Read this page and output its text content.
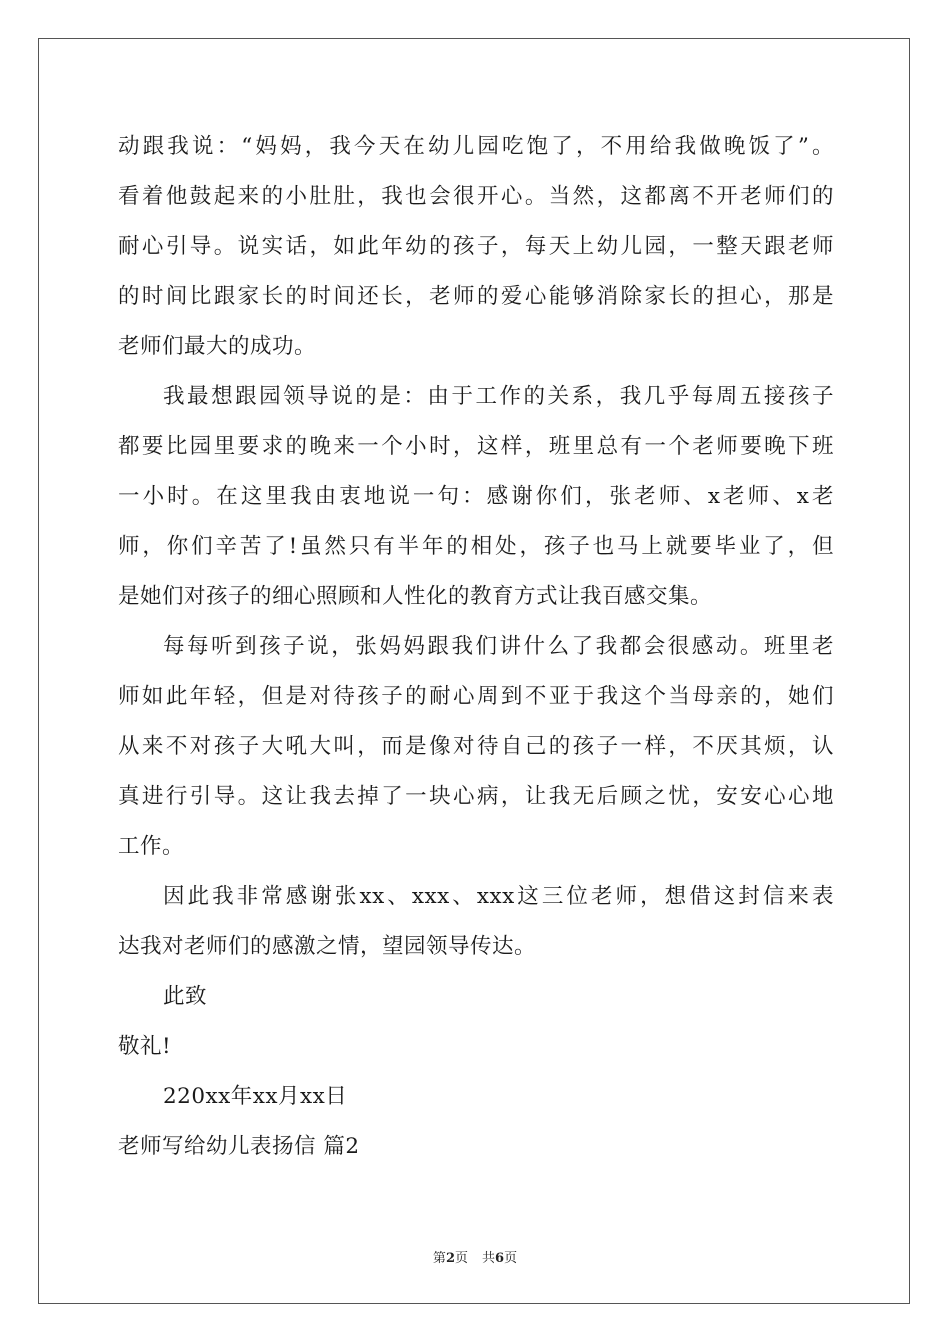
动跟我说：“妈妈，我今天在幼儿园吃饱了，不用给我做晚饭了”。
看着他鼓起来的小肚肚，我也会很开心。当然，这都离不开老师们的
耐心引导。说实话，如此年幼的孩子，每天上幼儿园，一整天跟老师
的时间比跟家长的时间还长，老师的爱心能够消除家长的担心，那是
老师们最大的成功。
我最想跟园领导说的是：由于工作的关系，我几乎每周五接孩子
都要比园里要求的晚来一个小时，这样，班里总有一个老师要晚下班
一小时。在这里我由衷地说一句：感谢你们，张老师、x老师、x老
师，你们辛苦了!虽然只有半年的相处，孩子也马上就要毕业了，但
是她们对孩子的细心照顾和人性化的教育方式让我百感交集。
每每听到孩子说，张妈妈跟我们讲什么了我都会很感动。班里老
师如此年轻，但是对待孩子的耐心周到不亚于我这个当母亲的，她们
从来不对孩子大吼大叫，而是像对待自己的孩子一样，不厌其烦，认
真进行引导。这让我去掉了一块心病，让我无后顾之忧，安安心心地
工作。
因此我非常感谢张xx、xxx、xxx这三位老师，想借这封信来表
达我对老师们的感激之情，望园领导传达。
此致
敬礼!
220xx年xx月xx日
老师写给幼儿表扬信 篇2
第2页 共6页
